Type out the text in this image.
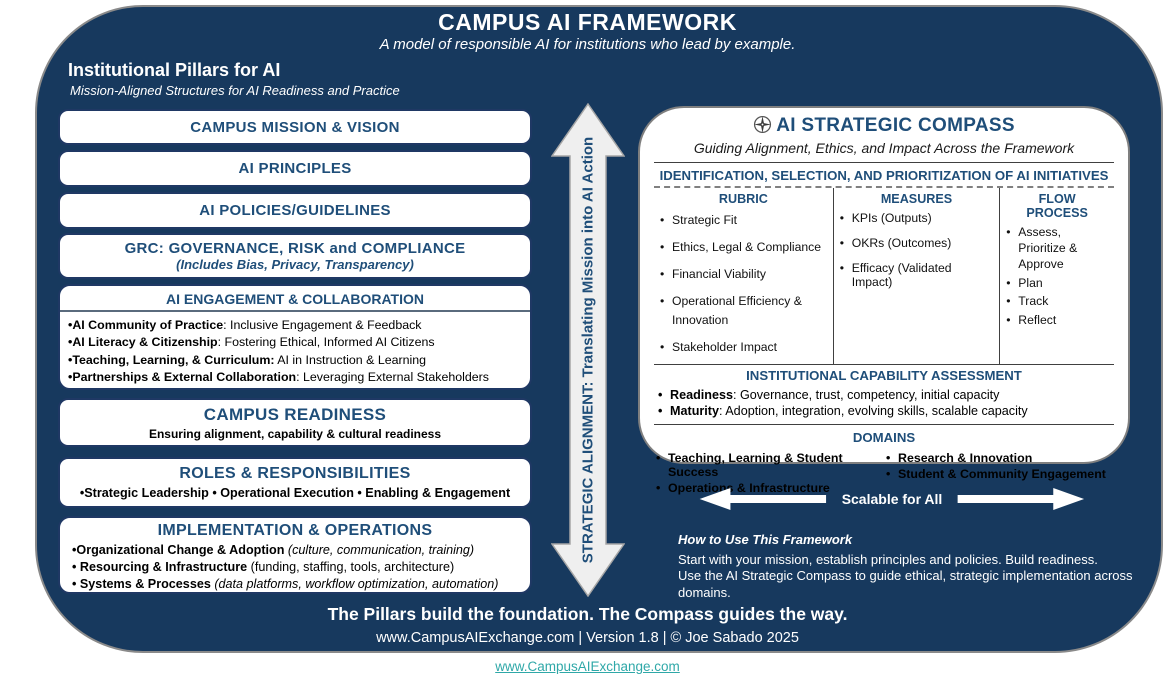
CAMPUS AI FRAMEWORK
A model of responsible AI for institutions who lead by example.
Institutional Pillars for AI
Mission-Aligned Structures for AI Readiness and Practice
CAMPUS MISSION & VISION
AI PRINCIPLES
AI POLICIES/GUIDELINES
GRC: GOVERNANCE, RISK and COMPLIANCE
(Includes Bias, Privacy, Transparency)
AI ENGAGEMENT & COLLABORATION
•AI Community of Practice: Inclusive Engagement & Feedback
•AI Literacy & Citizenship: Fostering Ethical, Informed AI Citizens
•Teaching, Learning, & Curriculum: AI in Instruction & Learning
•Partnerships & External Collaboration: Leveraging External Stakeholders
CAMPUS READINESS
Ensuring alignment, capability & cultural readiness
ROLES & RESPONSIBILITIES
•Strategic Leadership • Operational Execution • Enabling & Engagement
IMPLEMENTATION & OPERATIONS
•Organizational Change & Adoption (culture, communication, training)
• Resourcing & Infrastructure (funding, staffing, tools, architecture)
• Systems & Processes (data platforms, workflow optimization, automation)
STRATEGIC ALIGNMENT: Translating Mission into AI Action
AI STRATEGIC COMPASS
Guiding Alignment, Ethics, and Impact Across the Framework
IDENTIFICATION, SELECTION, AND PRIORITIZATION OF AI INITIATIVES
RUBRIC
• Strategic Fit
• Ethics, Legal & Compliance
• Financial Viability
• Operational Efficiency & Innovation
• Stakeholder Impact
MEASURES
• KPIs (Outputs)
• OKRs (Outcomes)
• Efficacy (Validated Impact)
FLOW PROCESS
• Assess, Prioritize & Approve
• Plan
• Track
• Reflect
INSTITUTIONAL CAPABILITY ASSESSMENT
• Readiness: Governance, trust, competency, initial capacity
• Maturity: Adoption, integration, evolving skills, scalable capacity
DOMAINS
• Teaching, Learning & Student Success
• Operations & Infrastructure
• Research & Innovation
• Student & Community Engagement
Scalable for All
How to Use This Framework
Start with your mission, establish principles and policies. Build readiness.
Use the AI Strategic Compass to guide ethical, strategic implementation across domains.
The Pillars build the foundation. The Compass guides the way.
www.CampusAIExchange.com | Version 1.8 | © Joe Sabado 2025
www.CampusAIExchange.com
